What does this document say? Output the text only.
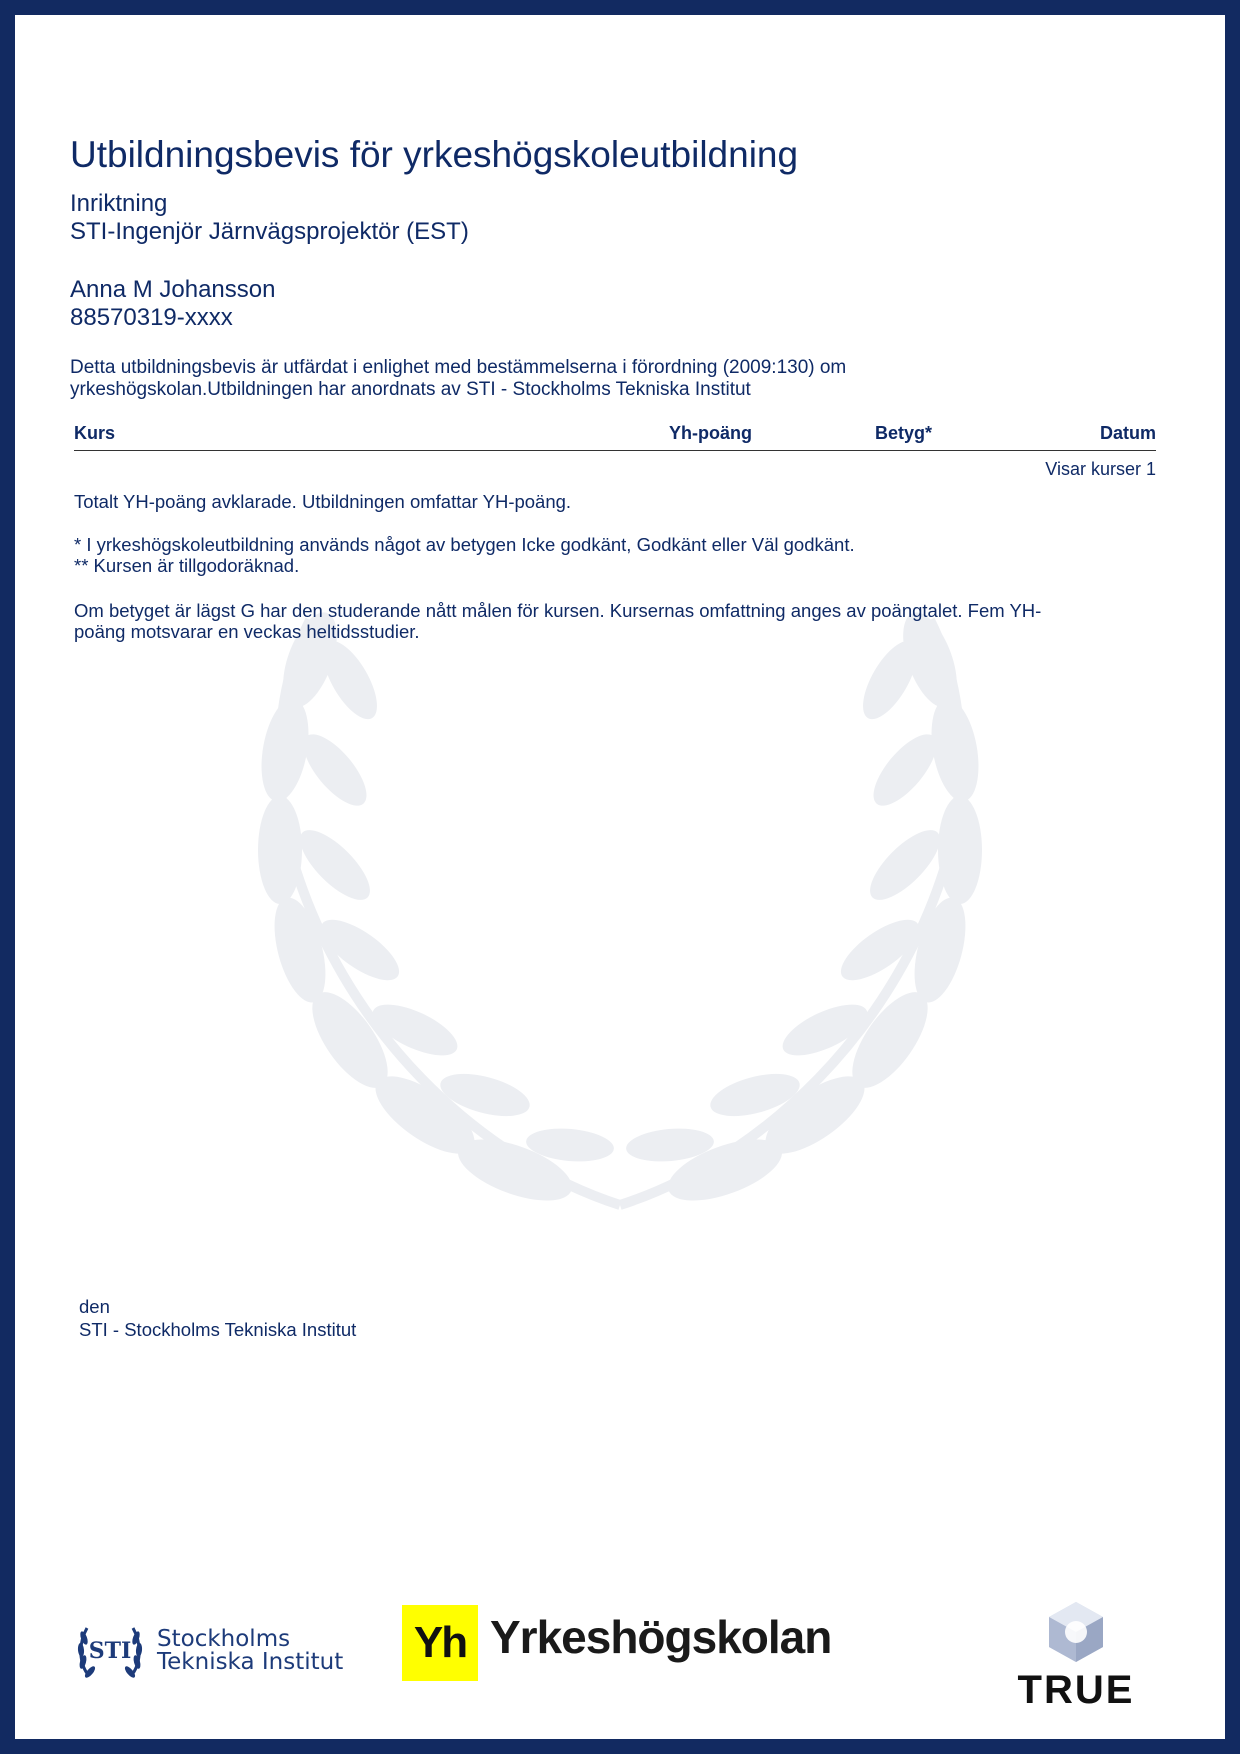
Utbildningsbevis för yrkeshögskoleutbildning
Inriktning
STI-Ingenjör Järnvägsprojektör (EST)
Anna M Johansson
88570319-xxxx
Detta utbildningsbevis är utfärdat i enlighet med bestämmelserna i förordning (2009:130) om
yrkeshögskolan.Utbildningen har anordnats av STI - Stockholms Tekniska Institut
Kurs	Yh-poäng	Betyg*	Datum
Visar kurser 1
Totalt YH-poäng avklarade. Utbildningen omfattar YH-poäng.
* I yrkeshögskoleutbildning används något av betygen Icke godkänt, Godkänt eller Väl godkänt.
** Kursen är tillgodoräknad.
Om betyget är lägst G har den studerande nått målen för kursen. Kursernas omfattning anges av poängtalet. Fem YH-
poäng motsvarar en veckas heltidsstudier.
den
STI - Stockholms Tekniska Institut
STI Stockholms
Tekniska Institut Yh Yrkeshögskolan
TRUE
